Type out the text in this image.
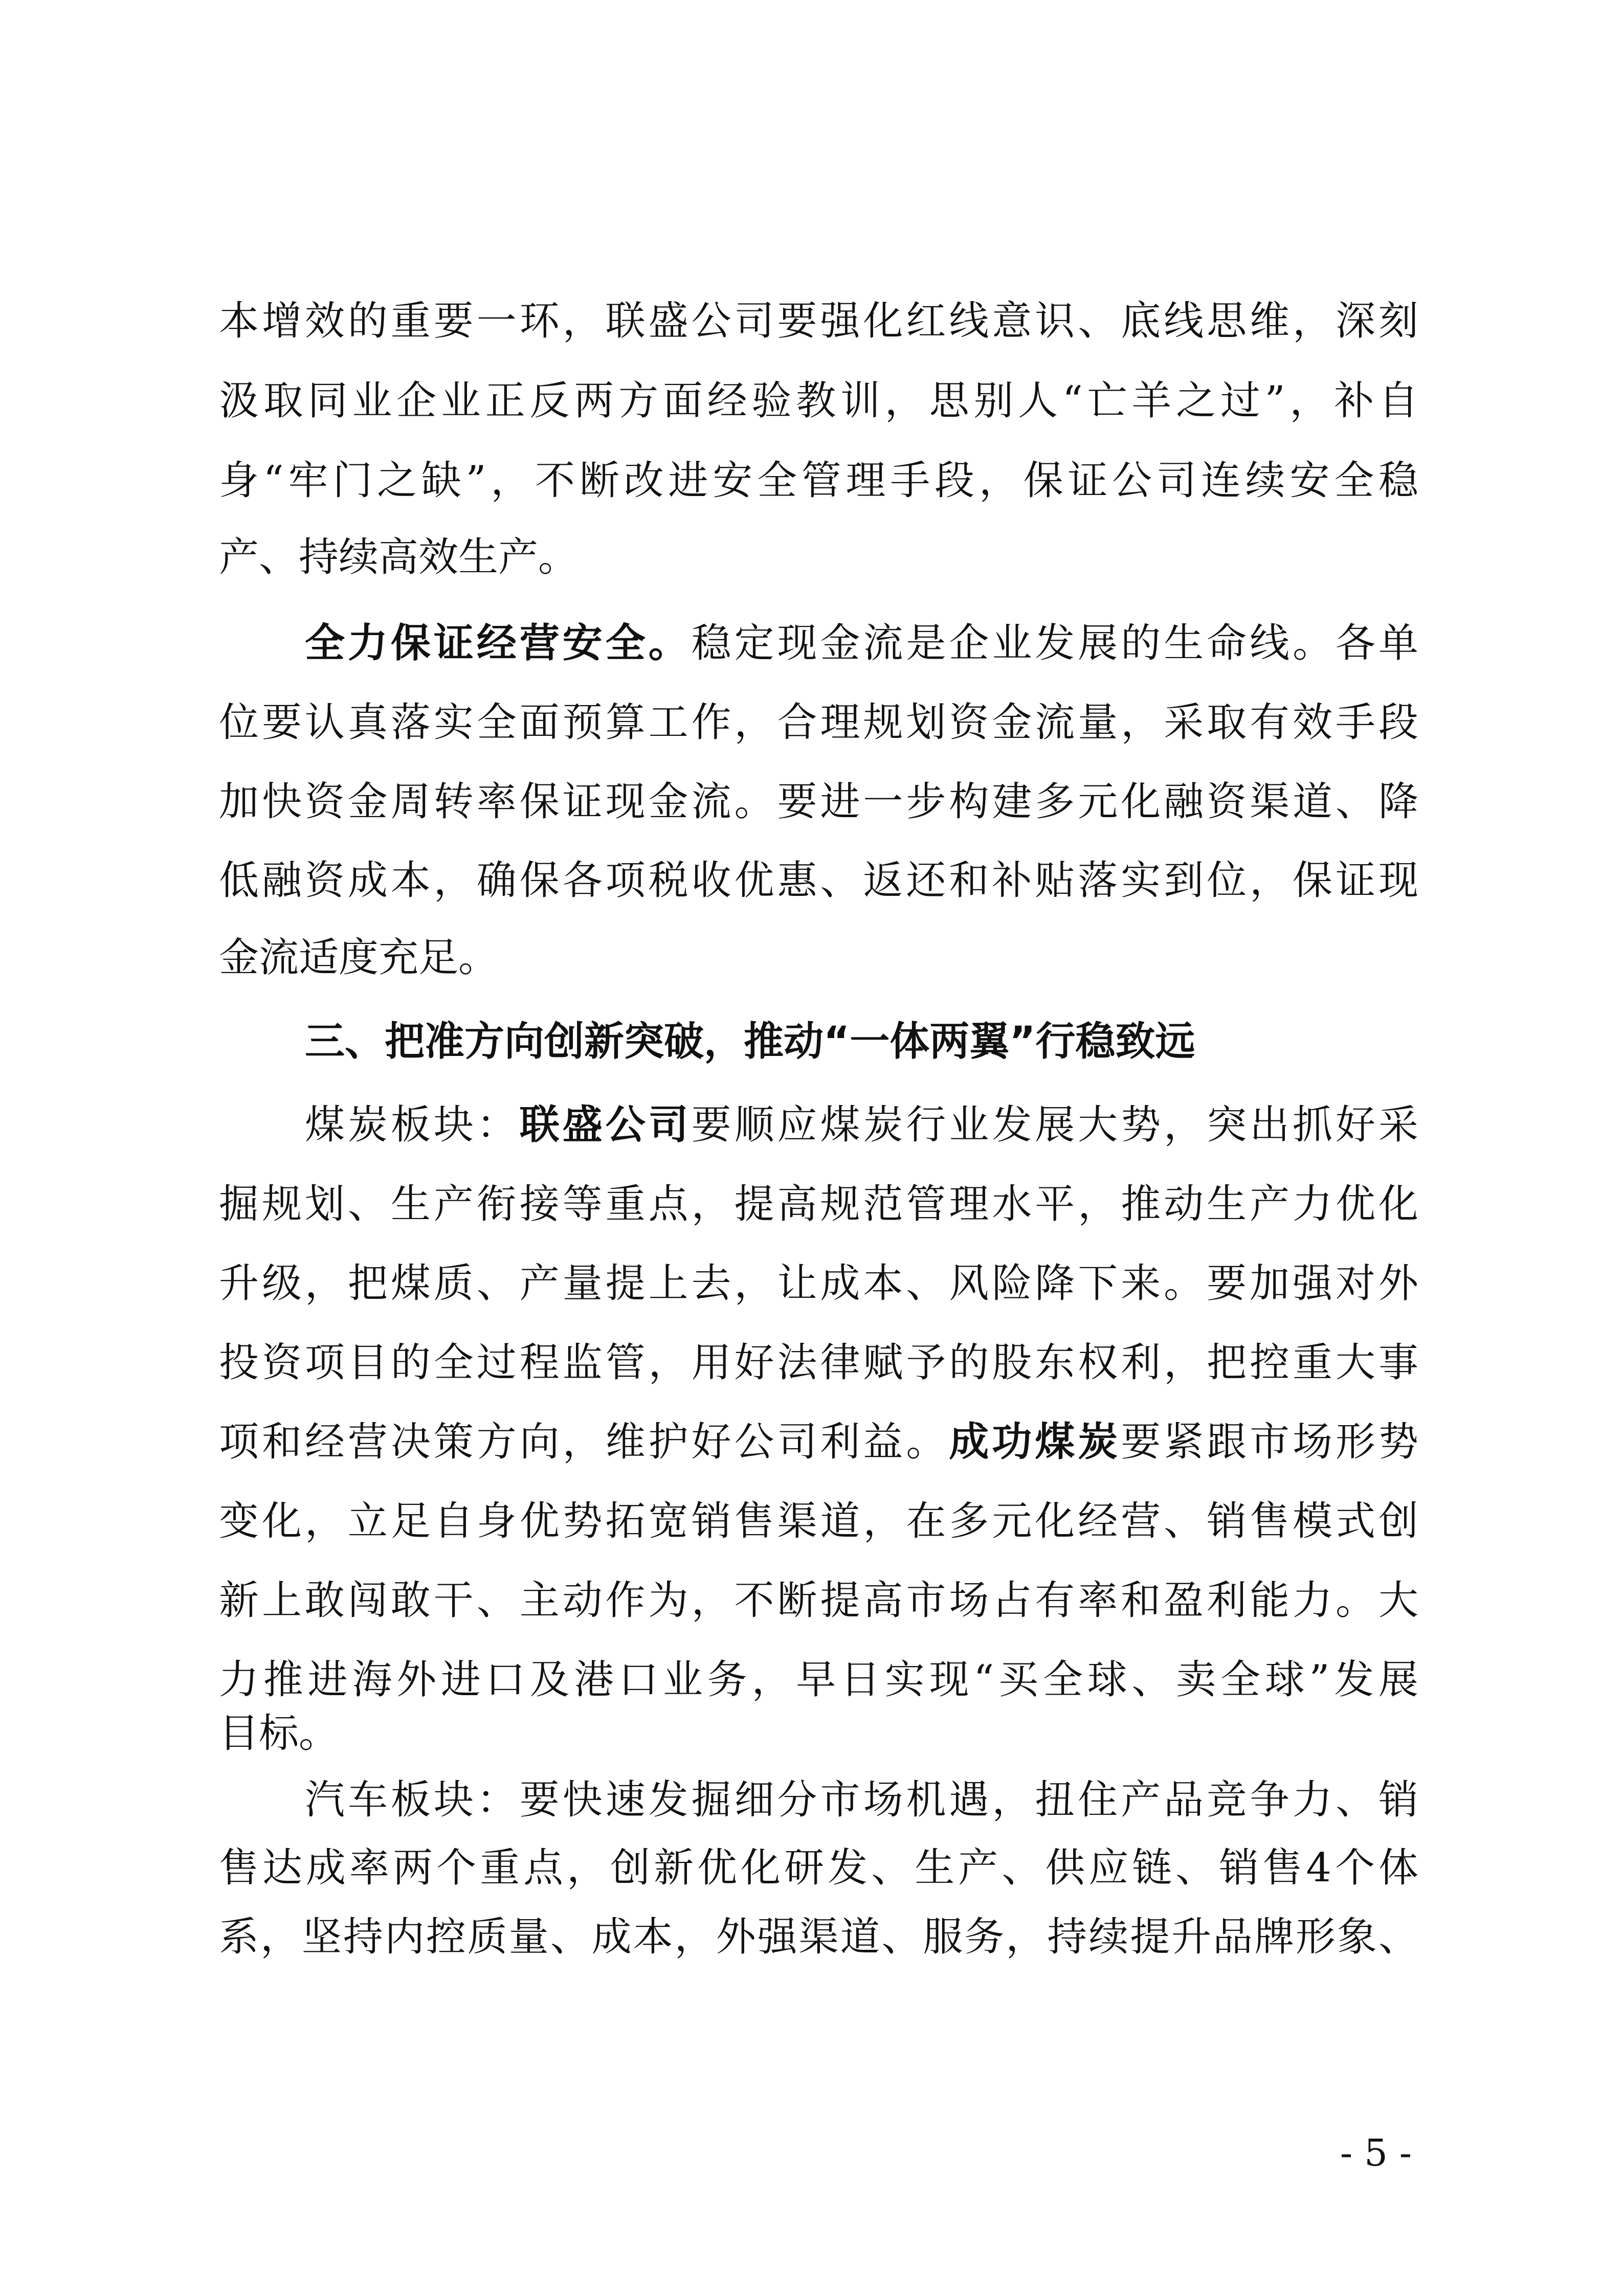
本增效的重要一环，联盛公司要强化红线意识、底线思维，深刻
汲取同业企业正反两方面经验教训，思别人“亡羊之过”，补自
身“牢门之缺”，不断改进安全管理手段，保证公司连续安全稳
产、持续高效生产。
全力保证经营安全。稳定现金流是企业发展的生命线。各单
位要认真落实全面预算工作，合理规划资金流量，采取有效手段
加快资金周转率保证现金流。要进一步构建多元化融资渠道、降
低融资成本，确保各项税收优惠、返还和补贴落实到位，保证现
金流适度充足。
三、把准方向创新突破，推动“一体两翼”行稳致远
煤炭板块：联盛公司要顺应煤炭行业发展大势，突出抓好采
掘规划、生产衔接等重点，提高规范管理水平，推动生产力优化
升级，把煤质、产量提上去，让成本、风险降下来。要加强对外
投资项目的全过程监管，用好法律赋予的股东权利，把控重大事
项和经营决策方向，维护好公司利益。成功煤炭要紧跟市场形势
变化，立足自身优势拓宽销售渠道，在多元化经营、销售模式创
新上敢闯敢干、主动作为，不断提高市场占有率和盈利能力。大
力推进海外进口及港口业务，早日实现“买全球、卖全球”发展
目标。
汽车板块：要快速发掘细分市场机遇，扭住产品竞争力、销
售达成率两个重点，创新优化研发、生产、供应链、销售4个体
系，坚持内控质量、成本，外强渠道、服务，持续提升品牌形象、
- 5 -
